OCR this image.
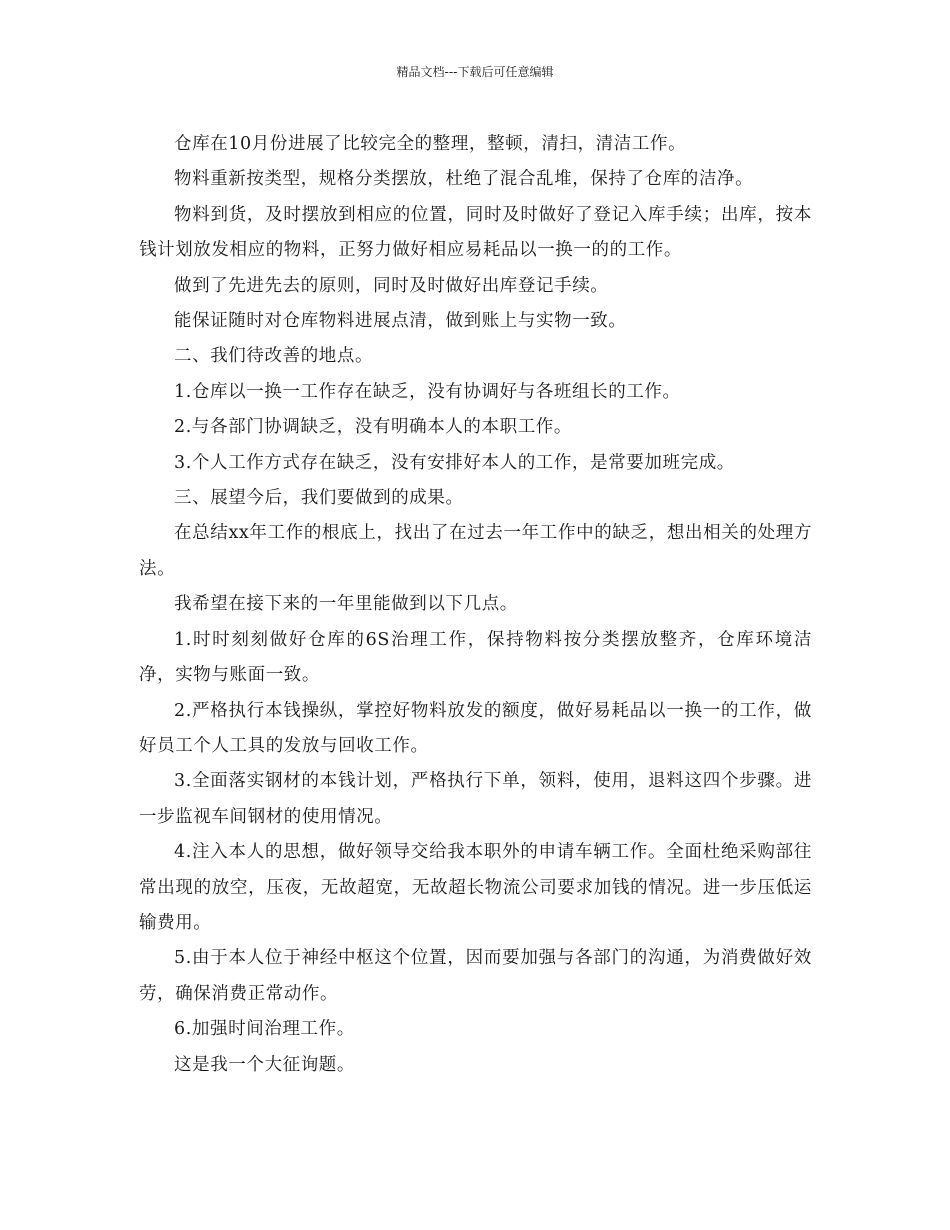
精品文档---下载后可任意编辑

仓库在10月份进展了比较完全的整理，整顿，清扫，清洁工作。

物料重新按类型，规格分类摆放，杜绝了混合乱堆，保持了仓库的洁净。

物料到货，及时摆放到相应的位置，同时及时做好了登记入库手续；出库，按本钱计划放发相应的物料，正努力做好相应易耗品以一换一的的工作。

做到了先进先去的原则，同时及时做好出库登记手续。

能保证随时对仓库物料进展点清，做到账上与实物一致。

二、我们待改善的地点。

1.仓库以一换一工作存在缺乏，没有协调好与各班组长的工作。

2.与各部门协调缺乏，没有明确本人的本职工作。

3.个人工作方式存在缺乏，没有安排好本人的工作，是常要加班完成。

三、展望今后，我们要做到的成果。

在总结xx年工作的根底上，找出了在过去一年工作中的缺乏，想出相关的处理方法。

我希望在接下来的一年里能做到以下几点。

1.时时刻刻做好仓库的6S治理工作，保持物料按分类摆放整齐，仓库环境洁净，实物与账面一致。

2.严格执行本钱操纵，掌控好物料放发的额度，做好易耗品以一换一的工作，做好员工个人工具的发放与回收工作。

3.全面落实钢材的本钱计划，严格执行下单，领料，使用，退料这四个步骤。进一步监视车间钢材的使用情况。

4.注入本人的思想，做好领导交给我本职外的申请车辆工作。全面杜绝采购部往常出现的放空，压夜，无故超宽，无故超长物流公司要求加钱的情况。进一步压低运输费用。

5.由于本人位于神经中枢这个位置，因而要加强与各部门的沟通，为消费做好效劳，确保消费正常动作。

6.加强时间治理工作。

这是我一个大征询题。
